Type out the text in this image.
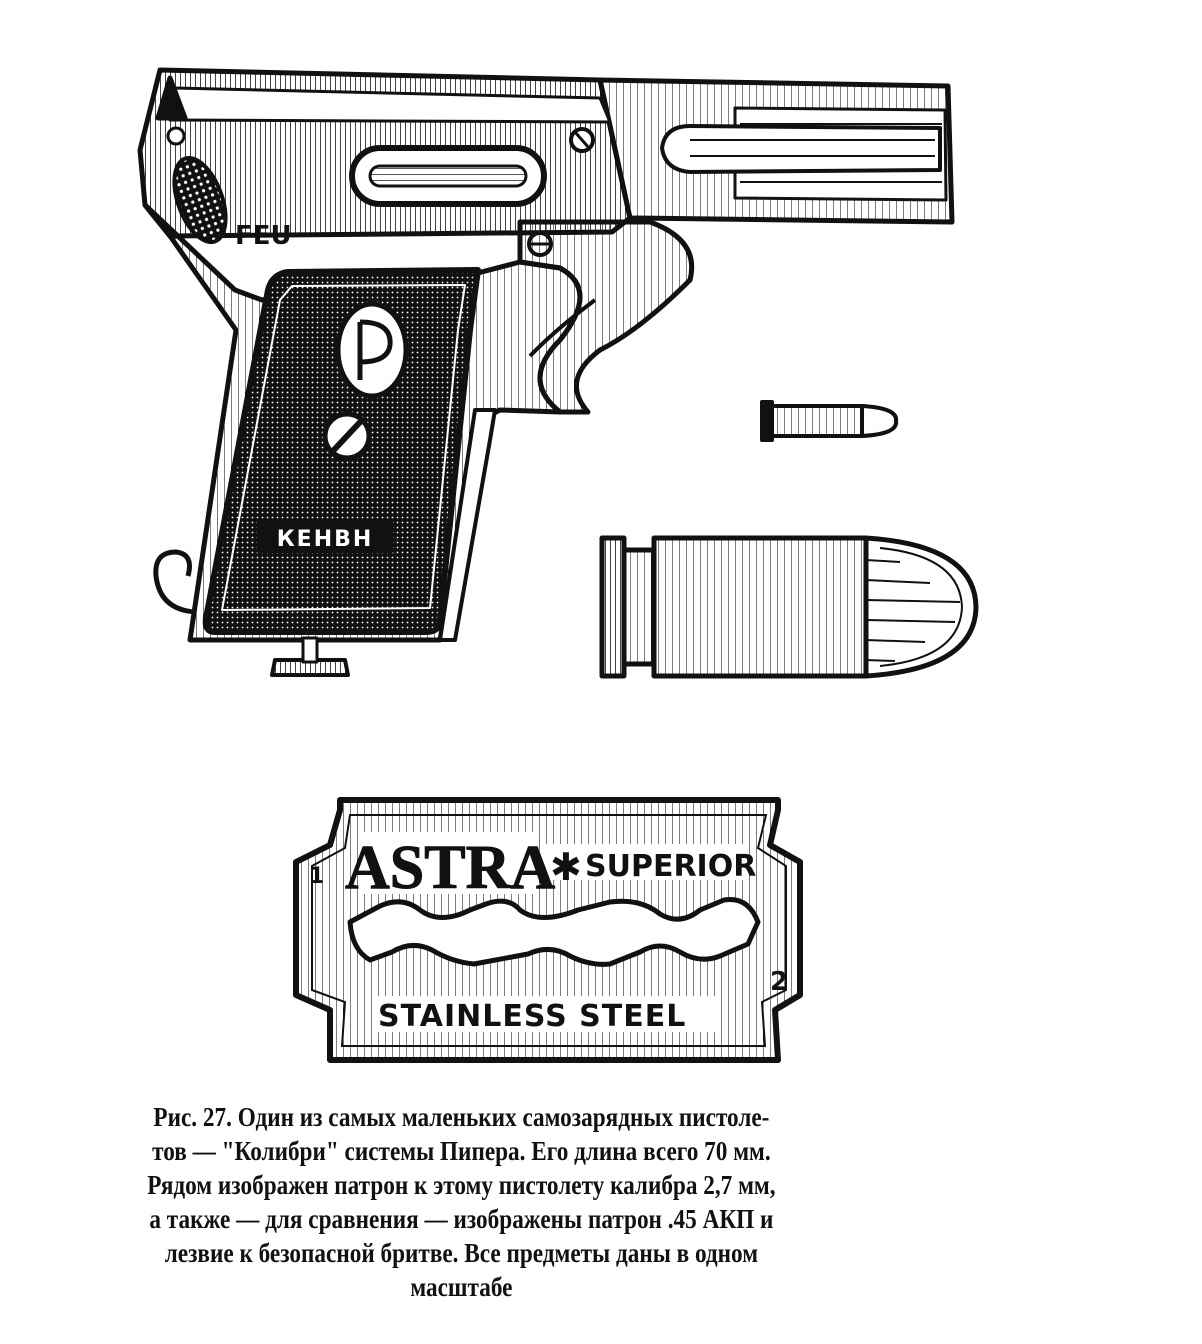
FEU
КЕНВН
ASTRA
✱ SUPERIOR
STAINLESS STEEL
1
2
Рис. 27. Один из самых маленьких самозарядных пистоле-
тов — "Колибри" системы Пипера. Его длина всего 70 мм.
Рядом изображен патрон к этому пистолету калибра 2,7 мм,
а также — для сравнения — изображены патрон .45 АКП и
лезвие к безопасной бритве. Все предметы даны в одном
масштабе
